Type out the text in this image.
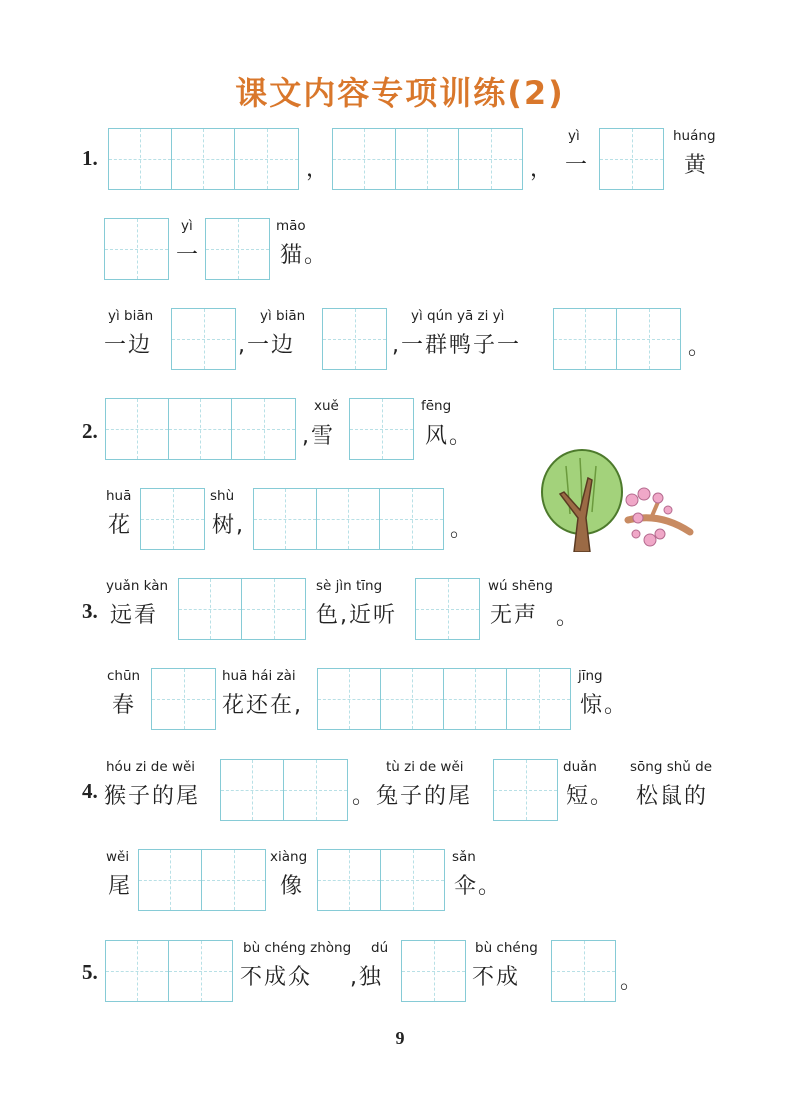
课文内容专项训练(2)
1.	，	，
yì
一
huáng
黄
yì
一
māo
猫。
yì biān
一边
yì biān
,一边
yì qún yā zi yì
,一群鸭子一	。
2.
xuě
,雪
fēng
风。
huā
花
shù
树,	。
3.
yuǎn kàn
远看
sè jìn tīng
色,近听
wú shēng
无声 。
chūn
春
huā hái zài
花还在,
jīng
惊。
4.
hóu zi de wěi
猴子的尾
tù zi de wěi
。兔子的尾
duǎn
短。
sōng shǔ de
松鼠的
wěi
尾
xiàng
像
sǎn
伞。
5.
bù chéng zhòng
不成众
dú
,独
bù chéng
不成	。
9
